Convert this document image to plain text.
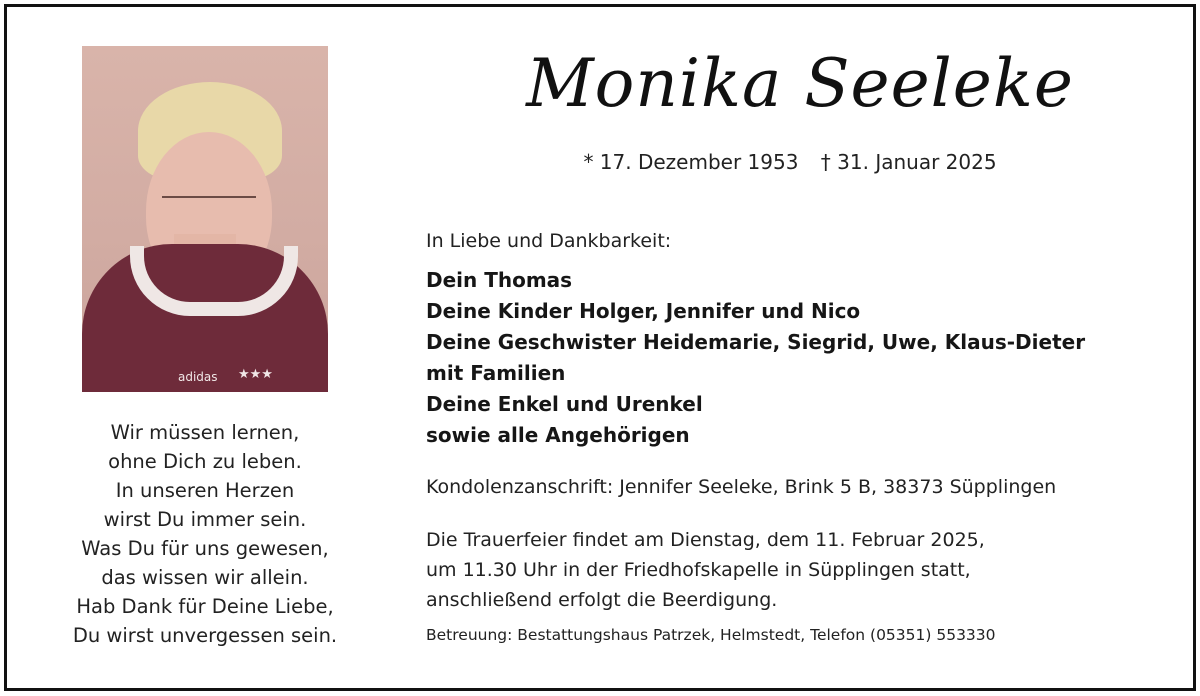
adidas ★★★
Wir müssen lernen,
ohne Dich zu leben.
In unseren Herzen
wirst Du immer sein.
Was Du für uns gewesen,
das wissen wir allein.
Hab Dank für Deine Liebe,
Du wirst unvergessen sein.
Monika Seeleke
* 17. Dezember 1953 † 31. Januar 2025
In Liebe und Dankbarkeit:
Dein Thomas
Deine Kinder Holger, Jennifer und Nico
Deine Geschwister Heidemarie, Siegrid, Uwe, Klaus-Dieter
mit Familien
Deine Enkel und Urenkel
sowie alle Angehörigen
Kondolenzanschrift: Jennifer Seeleke, Brink 5 B, 38373 Süpplingen
Die Trauerfeier findet am Dienstag, dem 11. Februar 2025,
um 11.30 Uhr in der Friedhofskapelle in Süpplingen statt,
anschließend erfolgt die Beerdigung.
Betreuung: Bestattungshaus Patrzek, Helmstedt, Telefon (05351) 553330
